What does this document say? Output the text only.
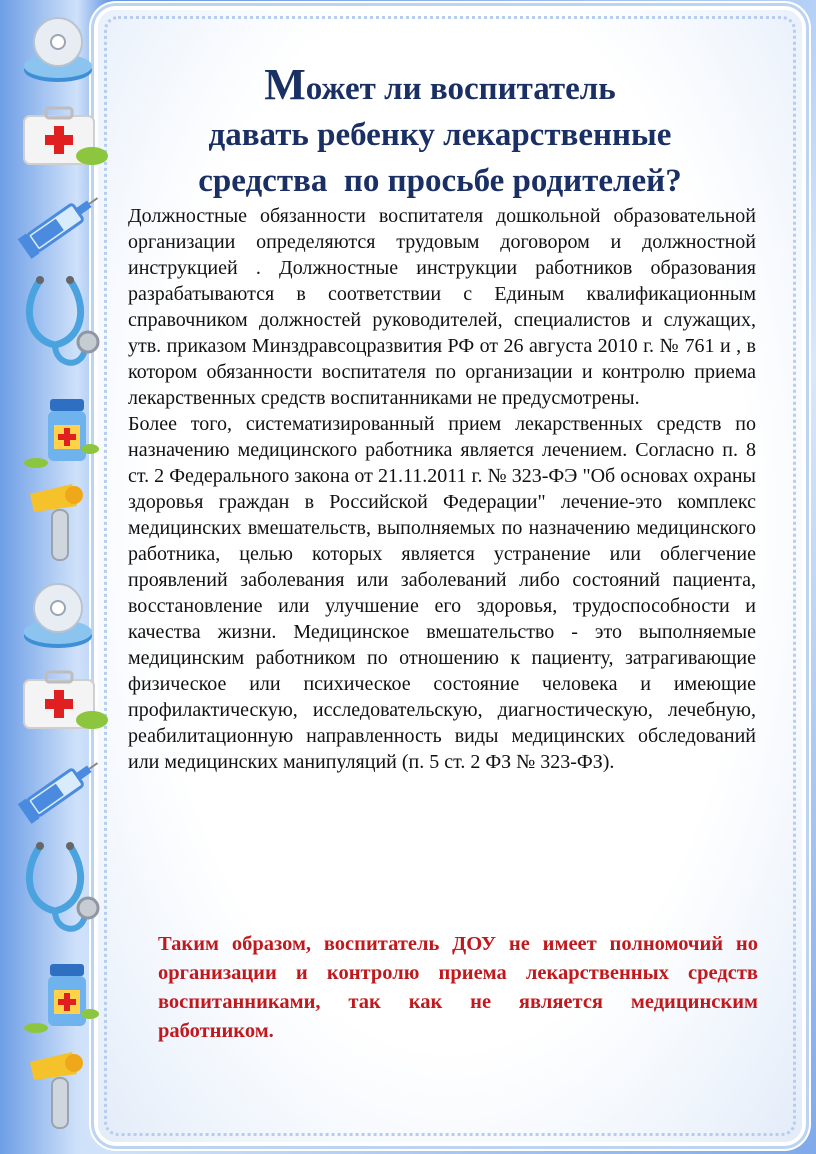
Может ли воспитатель
давать ребенку лекарственные
средства  по просьбе родителей?

Должностные обязанности воспитателя дошкольной образовательной организации определяются трудовым договором и должностной инструкцией . Должностные инструкции работников образования разрабатываются в соответствии с Единым квалификационным справочником должностей руководителей, специалистов и служащих, утв. приказом Минздравсоцразвития РФ от 26 августа 2010 г. № 761 и , в котором обязанности воспитателя по организации и контролю приема лекарственных средств воспитанниками не предусмотрены.

Более того, систематизированный прием лекарственных средств по назначению медицинского работника является лечением. Согласно п. 8 ст. 2 Федерального закона от 21.11.2011 г. № 323-ФЭ "Об основах охраны здоровья граждан в Российской Федерации" лечение-это комплекс медицинских вмешательств, выполняемых по назначению медицинского работника, целью которых является устранение или облегчение проявлений заболевания или заболеваний либо состояний пациента, восстановление или улучшение его здоровья, трудоспособности и качества жизни. Медицинское вмешательство - это выполняемые медицинским работником по отношению к пациенту, затрагивающие физическое или психическое состояние человека и имеющие профилактическую, исследовательскую, диагностическую, лечебную, реабилитационную направленность виды медицинских обследований или медицинских манипуляций (п. 5 ст. 2 ФЗ № 323-ФЗ).

Таким образом, воспитатель ДОУ не имеет полномочий но организации и контролю приема лекарственных средств воспитанниками, так как не является медицинским работником.
